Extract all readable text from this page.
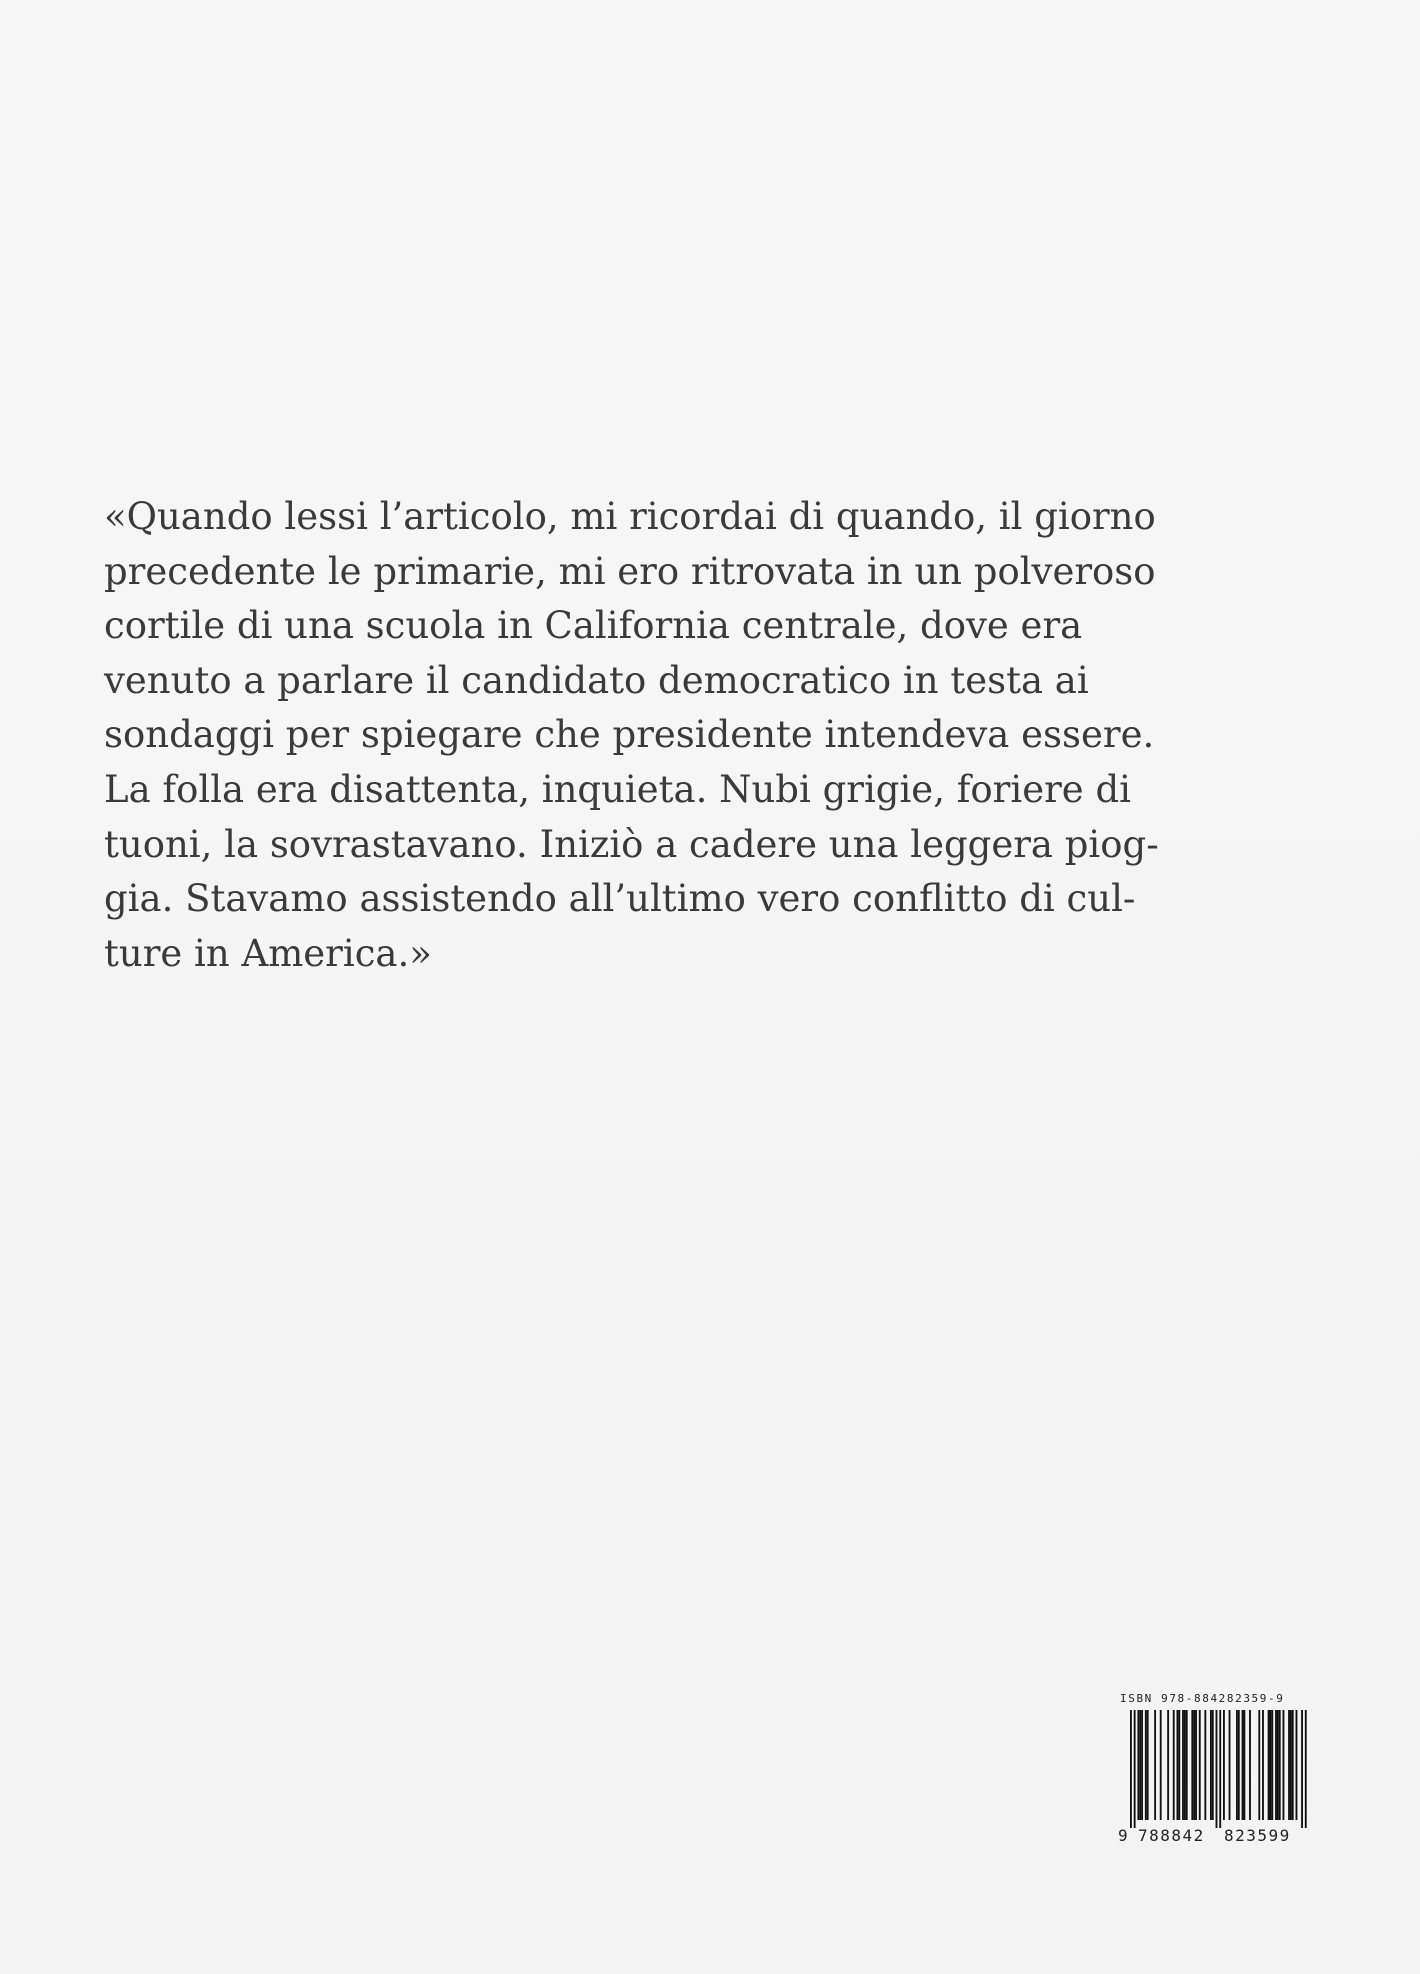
«Quando lessi l’articolo, mi ricordai di quando, il giorno
precedente le primarie, mi ero ritrovata in un polveroso
cortile di una scuola in California centrale, dove era
venuto a parlare il candidato democratico in testa ai
sondaggi per spiegare che presidente intendeva essere.
La folla era disattenta, inquieta. Nubi grigie, foriere di
tuoni, la sovrastavano. Iniziò a cadere una leggera piog-
gia. Stavamo assistendo all’ultimo vero conflitto di cul-
ture in America.»

ISBN 978-884282359-9
9 788842 823599
